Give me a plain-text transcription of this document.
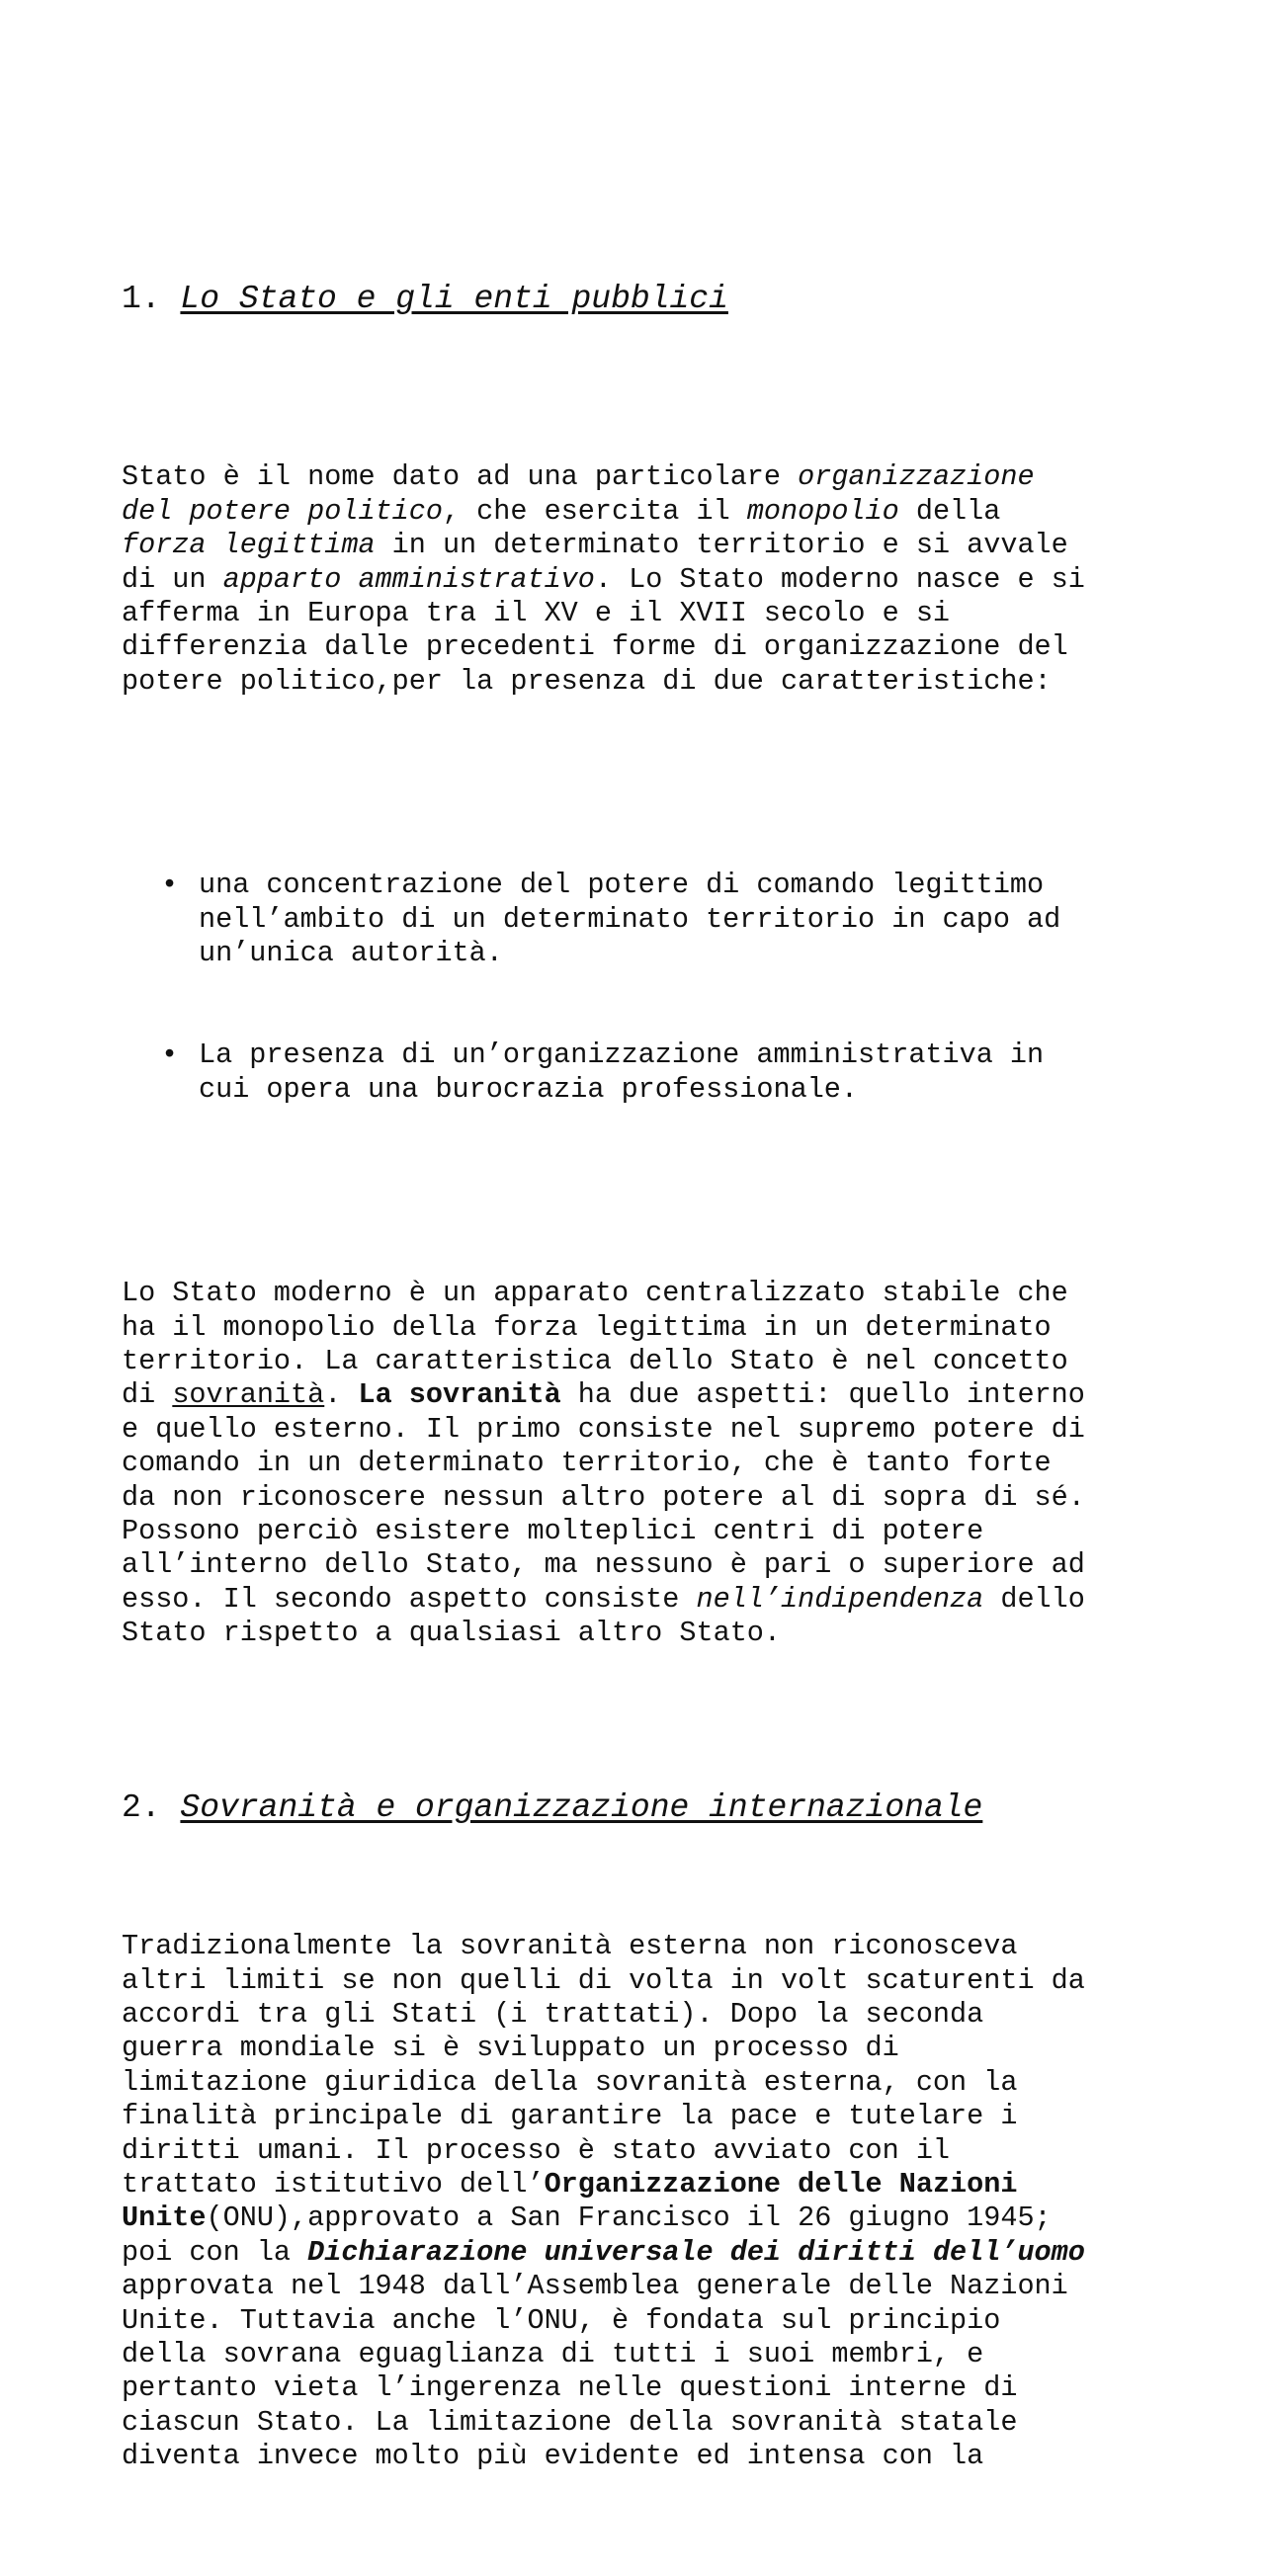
1. Lo Stato e gli enti pubblici

Stato è il nome dato ad una particolare organizzazione
del potere politico, che esercita il monopolio della
forza legittima in un determinato territorio e si avvale
di un apparto amministrativo. Lo Stato moderno nasce e si
afferma in Europa tra il XV e il XVII secolo e si
differenzia dalle precedenti forme di organizzazione del
potere politico,per la presenza di due caratteristiche:

• una concentrazione del potere di comando legittimo
nell’ambito di un determinato territorio in capo ad
un’unica autorità.

• La presenza di un’organizzazione amministrativa in
cui opera una burocrazia professionale.

Lo Stato moderno è un apparato centralizzato stabile che
ha il monopolio della forza legittima in un determinato
territorio. La caratteristica dello Stato è nel concetto
di sovranità. La sovranità ha due aspetti: quello interno
e quello esterno. Il primo consiste nel supremo potere di
comando in un determinato territorio, che è tanto forte
da non riconoscere nessun altro potere al di sopra di sé.
Possono perciò esistere molteplici centri di potere
all’interno dello Stato, ma nessuno è pari o superiore ad
esso. Il secondo aspetto consiste nell’indipendenza dello
Stato rispetto a qualsiasi altro Stato.

2. Sovranità e organizzazione internazionale

Tradizionalmente la sovranità esterna non riconosceva
altri limiti se non quelli di volta in volt scaturenti da
accordi tra gli Stati (i trattati). Dopo la seconda
guerra mondiale si è sviluppato un processo di
limitazione giuridica della sovranità esterna, con la
finalità principale di garantire la pace e tutelare i
diritti umani. Il processo è stato avviato con il
trattato istitutivo dell’Organizzazione delle Nazioni
Unite(ONU),approvato a San Francisco il 26 giugno 1945;
poi con la Dichiarazione universale dei diritti dell’uomo
approvata nel 1948 dall’Assemblea generale delle Nazioni
Unite. Tuttavia anche l’ONU, è fondata sul principio
della sovrana eguaglianza di tutti i suoi membri, e
pertanto vieta l’ingerenza nelle questioni interne di
ciascun Stato. La limitazione della sovranità statale
diventa invece molto più evidente ed intensa con la
